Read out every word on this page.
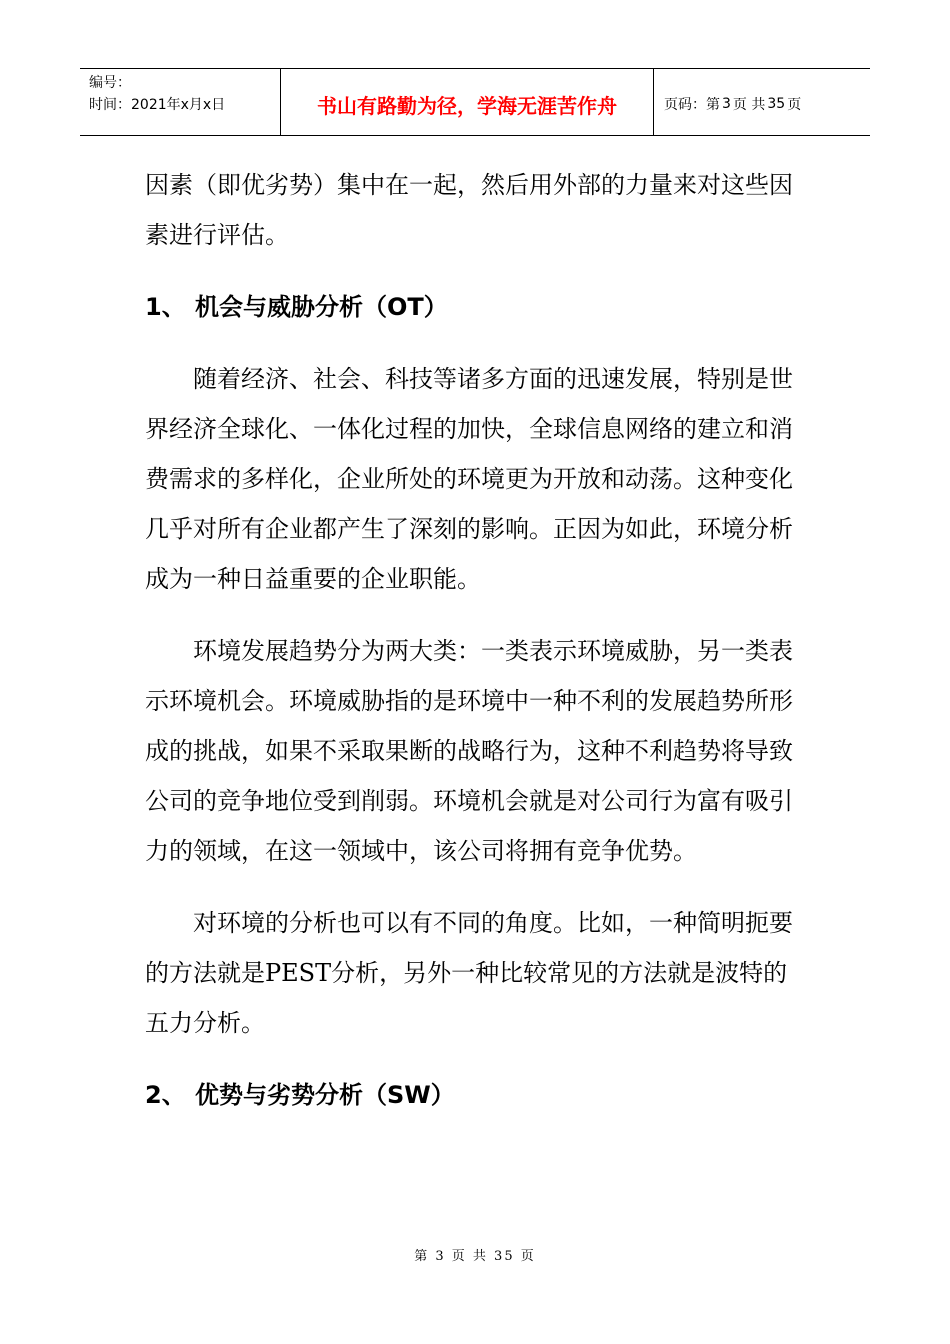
编号：
时间：2021年x月x日	书山有路勤为径，学海无涯苦作舟	页码：第 3 页 共 35 页

因素（即优劣势）集中在一起，然后用外部的力量来对这些因素进行评估。

1、 机会与威胁分析（OT）

随着经济、社会、科技等诸多方面的迅速发展，特别是世界经济全球化、一体化过程的加快，全球信息网络的建立和消费需求的多样化，企业所处的环境更为开放和动荡。这种变化几乎对所有企业都产生了深刻的影响。正因为如此，环境分析成为一种日益重要的企业职能。

环境发展趋势分为两大类：一类表示环境威胁，另一类表示环境机会。环境威胁指的是环境中一种不利的发展趋势所形成的挑战，如果不采取果断的战略行为，这种不利趋势将导致公司的竞争地位受到削弱。环境机会就是对公司行为富有吸引力的领域，在这一领域中，该公司将拥有竞争优势。

对环境的分析也可以有不同的角度。比如，一种简明扼要的方法就是PEST分析，另外一种比较常见的方法就是波特的五力分析。

2、 优势与劣势分析（SW）
第 3 页 共 35 页
